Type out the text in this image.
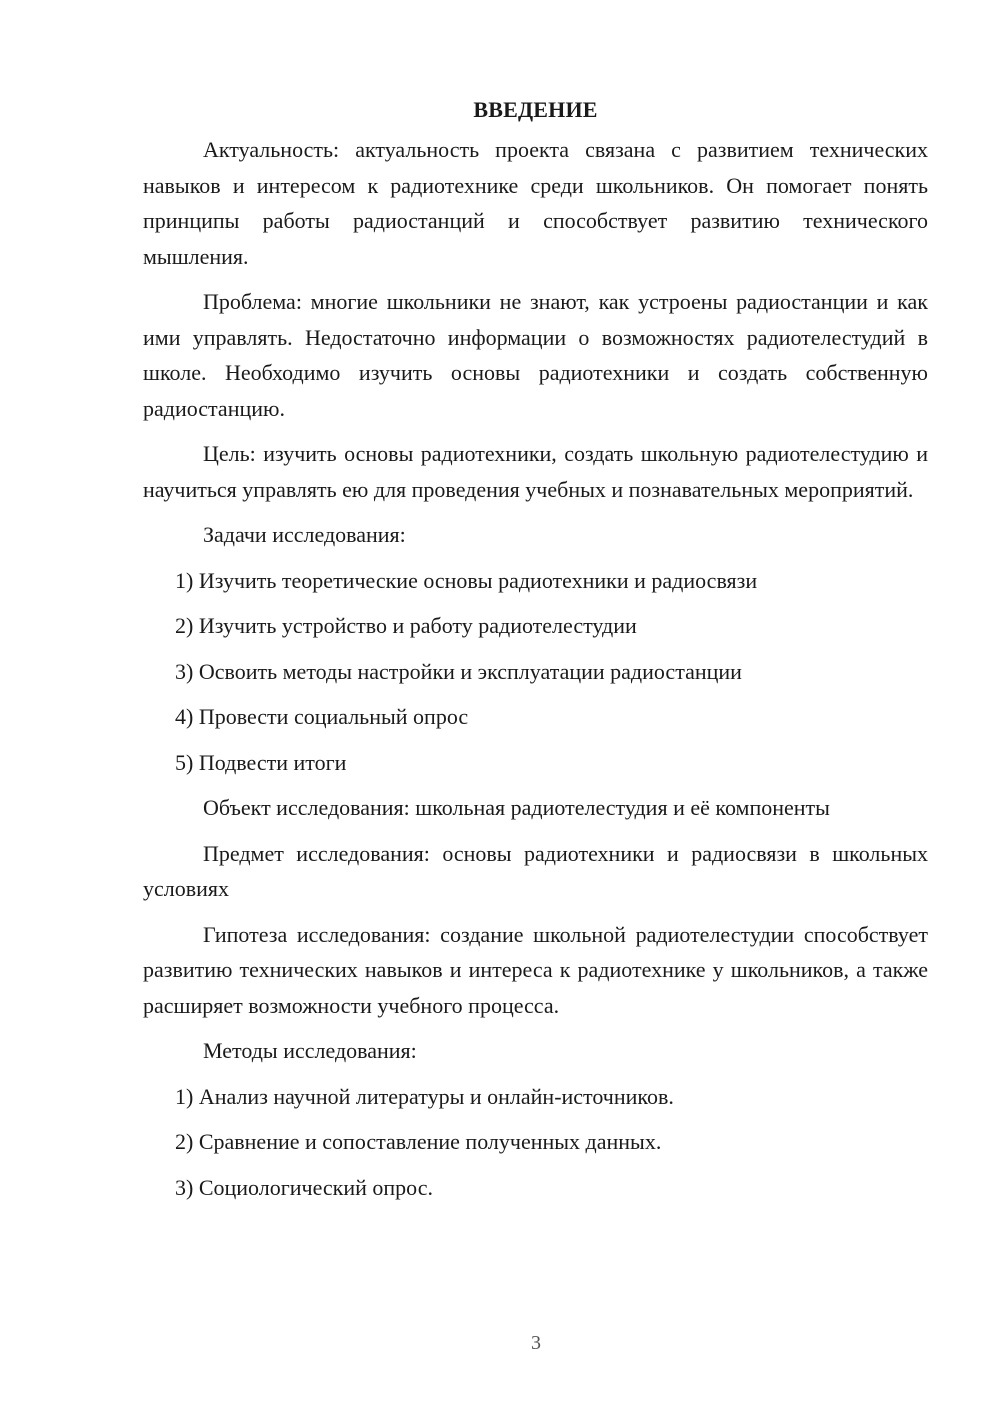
ВВЕДЕНИЕ

Актуальность: актуальность проекта связана с развитием технических навыков и интересом к радиотехнике среди школьников. Он помогает понять принципы работы радиостанций и способствует развитию технического мышления.

Проблема: многие школьники не знают, как устроены радиостанции и как ими управлять. Недостаточно информации о возможностях радиотелестудий в школе. Необходимо изучить основы радиотехники и создать собственную радиостанцию.

Цель: изучить основы радиотехники, создать школьную радиотелестудию и научиться управлять ею для проведения учебных и познавательных мероприятий.

Задачи исследования:
1) Изучить теоретические основы радиотехники и радиосвязи
2) Изучить устройство и работу радиотелестудии
3) Освоить методы настройки и эксплуатации радиостанции
4) Провести социальный опрос
5) Подвести итоги
Объект исследования: школьная радиотелестудия и её компоненты

Предмет исследования: основы радиотехники и радиосвязи в школьных условиях

Гипотеза исследования: создание школьной радиотелестудии способствует развитию технических навыков и интереса к радиотехнике у школьников, а также расширяет возможности учебного процесса.

Методы исследования:
1) Анализ научной литературы и онлайн-источников.
2) Сравнение и сопоставление полученных данных.
3) Социологический опрос.
3
